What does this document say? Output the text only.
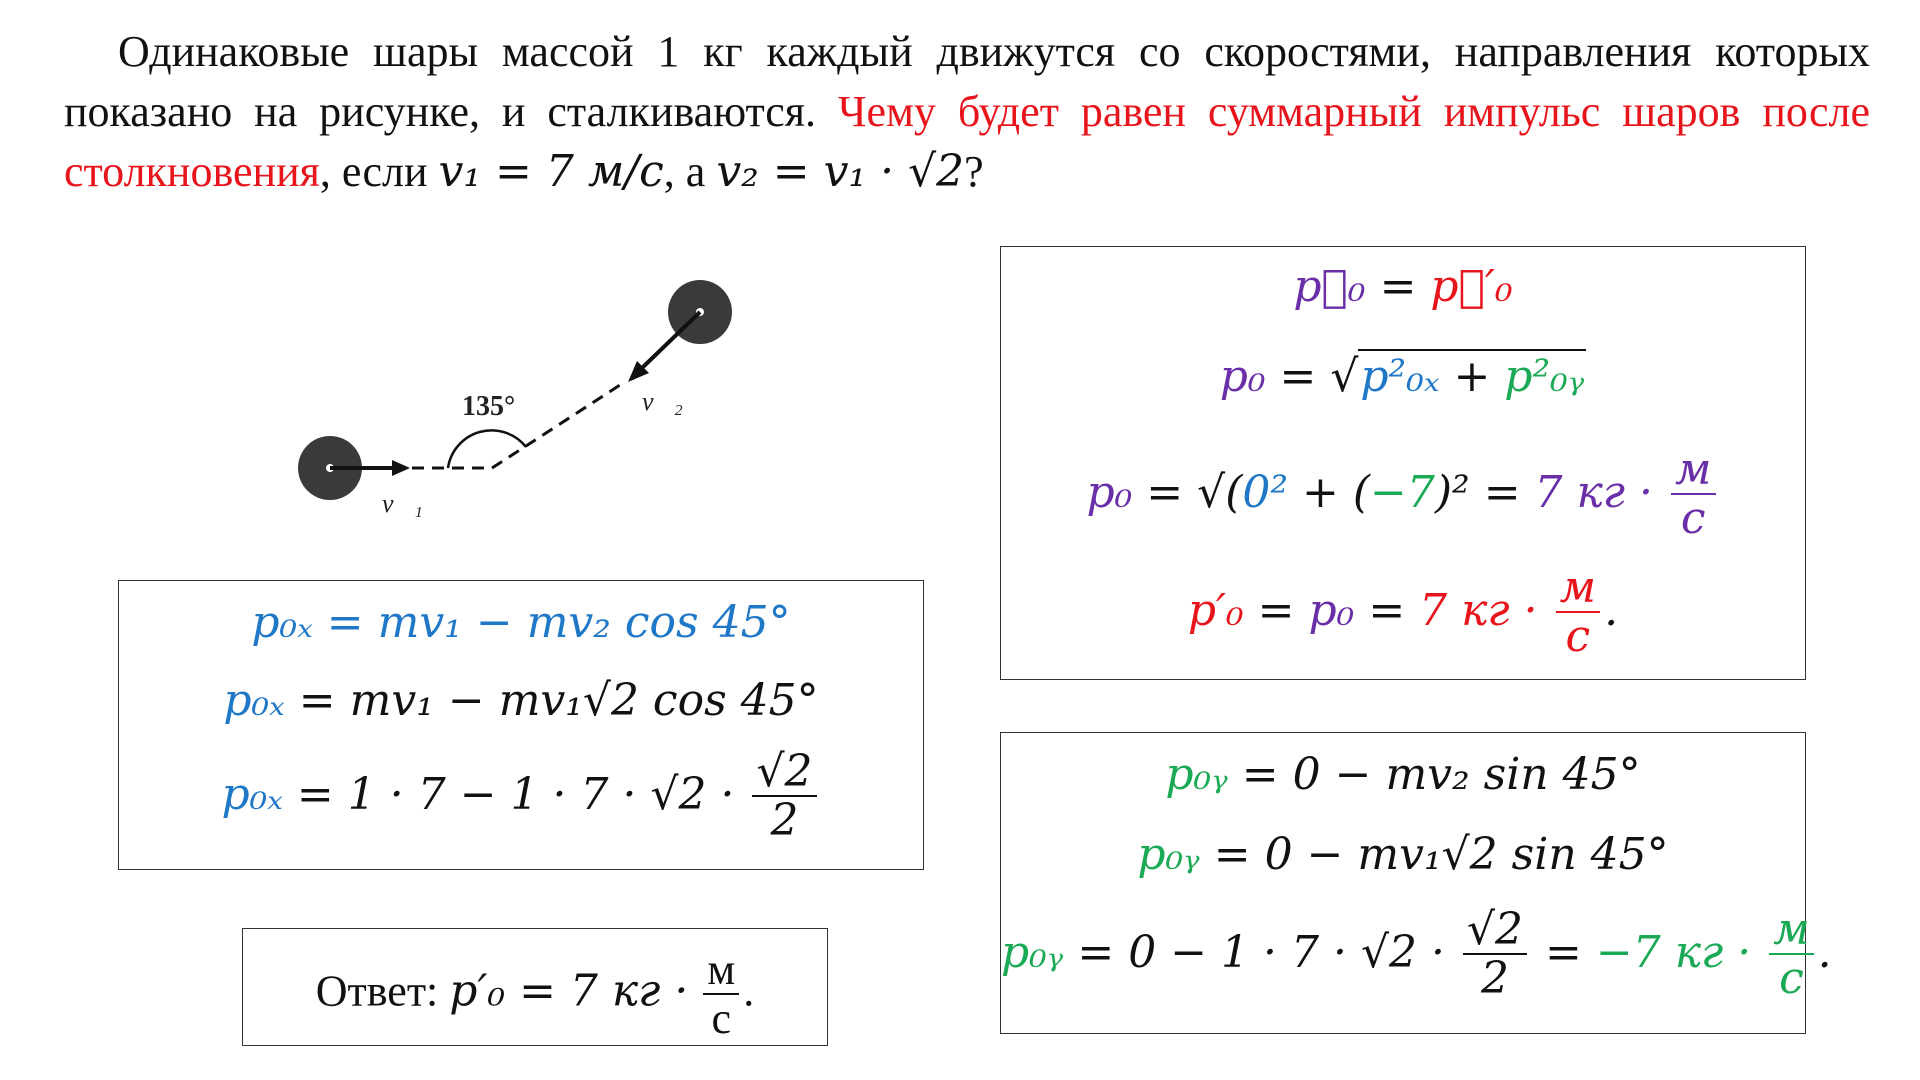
Одинаковые шары массой 1 кг каждый движутся со скоростями, направления которых показано на рисунке, и сталкиваются. Чему будет равен суммарный импульс шаров после столкновения, если v₁ = 7 м/с, а v₂ = v₁ · √2?

135°
v⃗₁
v⃗₂
p₀ₓ = mv₁ − mv₂ cos 45°
p₀ₓ = mv₁ − mv₁√2 cos 45°
$p_{0x} = 1 \cdot 7 - 1 \cdot 7 \cdot √2 \cdot \frac{√2}{2}$
Ответ: p′₀ = 7 кг · $\frac{м}{с}$ .
p⃗₀ = p⃗′₀
p₀ = √p²₀ₓ + p²₀ᵧ
p₀ = √(0² + (−7)² = 7 кг · $\frac{м}{с}$
p′₀ = p₀ = 7 кг · $\frac{м}{с}$ .
p₀ᵧ = 0 − mv₂ sin 45°
p₀ᵧ = 0 − mv₁√2 sin 45°
p₀ᵧ = $0 - 1 \cdot 7 \cdot √2 \cdot \frac{√2}{2} = -7$ кг · $\frac{м}{с}$ .
